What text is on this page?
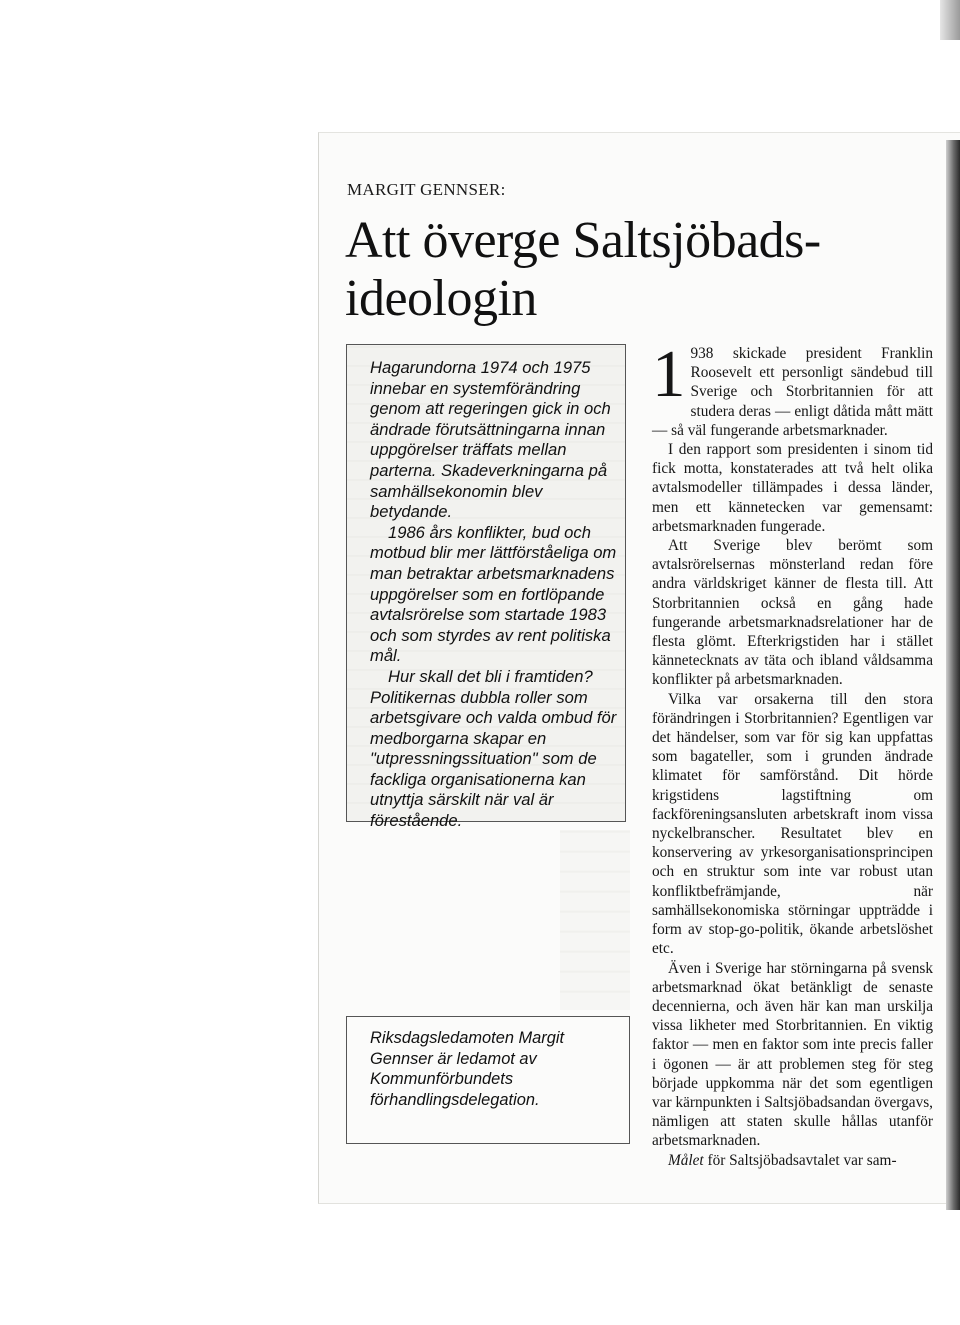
MARGIT GENNSER:
Att överge Saltsjöbads-ideologin

Hagarundorna 1974 och 1975 innebar en systemförändring genom att regeringen gick in och ändrade förutsättningarna innan uppgörelser träffats mellan parterna. Skadeverkningarna på samhällsekonomin blev betydande.

1986 års konflikter, bud och motbud blir mer lättförståeliga om man betraktar arbetsmarknadens uppgörelser som en fortlöpande avtalsrörelse som startade 1983 och som styrdes av rent politiska mål.

Hur skall det bli i framtiden? Politikernas dubbla roller som arbetsgivare och valda ombud för medborgarna skapar en "utpressningssituation" som de fackliga organisationerna kan utnyttja särskilt när val är förestående.

Riksdagsledamoten Margit Gennser är ledamot av Kommunförbundets förhandlingsdelegation.

1 938 skickade president Franklin Roosevelt ett personligt sändebud till Sverige och Storbritannien för att studera deras — enligt dåtida mått mätt — så väl fungerande arbetsmarknader.

I den rapport som presidenten i sinom tid fick motta, konstaterades att två helt olika avtalsmodeller tillämpades i dessa länder, men ett kännetecken var gemensamt: arbetsmarknaden fungerade.

Att Sverige blev berömt som avtalsrörelsernas mönsterland redan före andra världskriget känner de flesta till. Att Storbritannien också en gång hade fungerande arbetsmarknadsrelationer har de flesta glömt. Efterkrigstiden har i stället kännetecknats av täta och ibland våldsamma konflikter på arbetsmarknaden.

Vilka var orsakerna till den stora förändringen i Storbritannien? Egentligen var det händelser, som var för sig kan uppfattas som bagateller, som i grunden ändrade klimatet för samförstånd. Dit hörde krigstidens lagstiftning om fackföreningsansluten arbetskraft inom vissa nyckelbranscher. Resultatet blev en konservering av yrkesorganisationsprincipen och en struktur som inte var robust utan konfliktbefrämjande, när samhällsekonomiska störningar uppträdde i form av stop-go-politik, ökande arbetslöshet etc.

Även i Sverige har störningarna på svensk arbetsmarknad ökat betänkligt de senaste decennierna, och även här kan man urskilja vissa likheter med Storbritannien. En viktig faktor — men en faktor som inte precis faller i ögonen — är att problemen steg för steg började uppkomma när det som egentligen var kärnpunkten i Saltsjöbadsandan övergavs, nämligen att staten skulle hållas utanför arbetsmarknaden.

Målet för Saltsjöbadsavtalet var sam-
